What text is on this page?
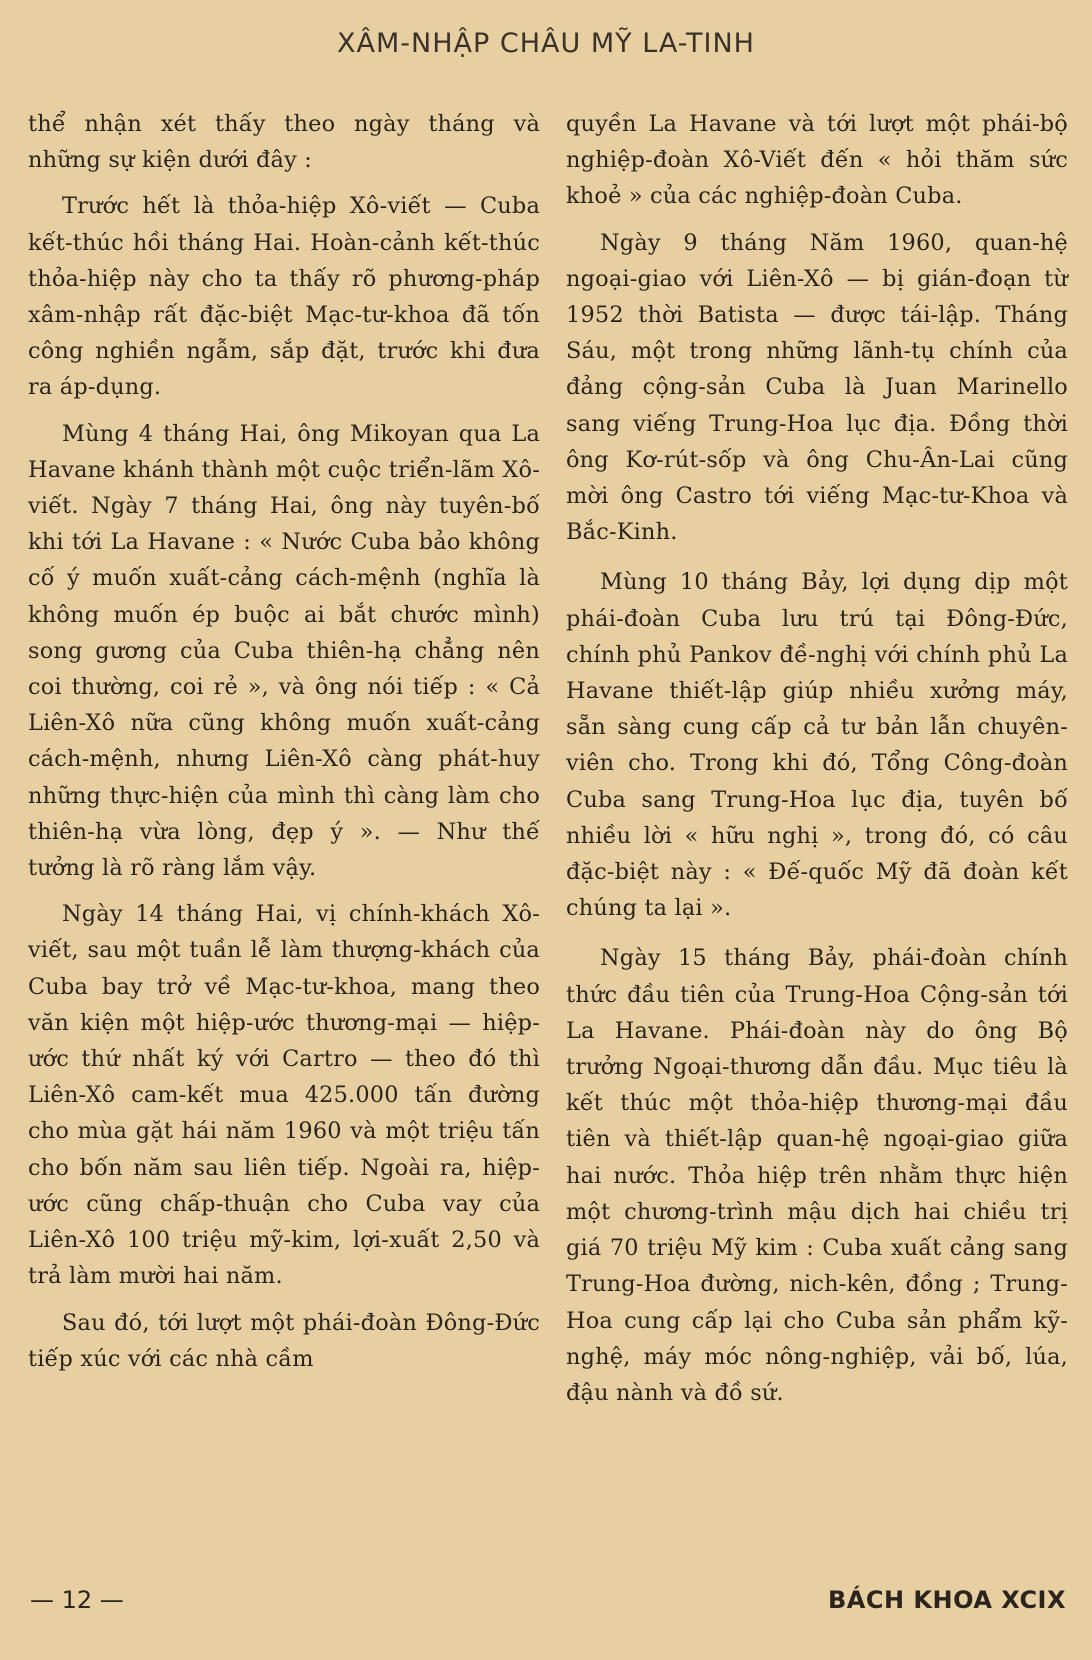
XÂM-NHẬP CHÂU MỸ LA-TINH

thể nhận xét thấy theo ngày tháng và những sự kiện dưới đây :

Trước hết là thỏa-hiệp Xô-viết — Cuba kết-thúc hồi tháng Hai. Hoàn-cảnh kết-thúc thỏa-hiệp này cho ta thấy rõ phương-pháp xâm-nhập rất đặc-biệt Mạc-tư-khoa đã tốn công nghiền ngẫm, sắp đặt, trước khi đưa ra áp-dụng.

Mùng 4 tháng Hai, ông Mikoyan qua La Havane khánh thành một cuộc triển-lãm Xô-viết. Ngày 7 tháng Hai, ông này tuyên-bố khi tới La Havane : « Nước Cuba bảo không cố ý muốn xuất-cảng cách-mệnh (nghĩa là không muốn ép buộc ai bắt chước mình) song gương của Cuba thiên-hạ chẳng nên coi thường, coi rẻ », và ông nói tiếp : « Cả Liên-Xô nữa cũng không muốn xuất-cảng cách-mệnh, nhưng Liên-Xô càng phát-huy những thực-hiện của mình thì càng làm cho thiên-hạ vừa lòng, đẹp ý ». — Như thế tưởng là rõ ràng lắm vậy.

Ngày 14 tháng Hai, vị chính-khách Xô-viết, sau một tuần lễ làm thượng-khách của Cuba bay trở về Mạc-tư-khoa, mang theo văn kiện một hiệp-ước thương-mại — hiệp-ước thứ nhất ký với Cartro — theo đó thì Liên-Xô cam-kết mua 425.000 tấn đường cho mùa gặt hái năm 1960 và một triệu tấn cho bốn năm sau liên tiếp. Ngoài ra, hiệp-ước cũng chấp-thuận cho Cuba vay của Liên-Xô 100 triệu mỹ-kim, lợi-xuất 2,50 và trả làm mười hai năm.

Sau đó, tới lượt một phái-đoàn Đông-Đức tiếp xúc với các nhà cầm

quyền La Havane và tới lượt một phái-bộ nghiệp-đoàn Xô-Viết đến « hỏi thăm sức khoẻ » của các nghiệp-đoàn Cuba.

Ngày 9 tháng Năm 1960, quan-hệ ngoại-giao với Liên-Xô — bị gián-đoạn từ 1952 thời Batista — được tái-lập. Tháng Sáu, một trong những lãnh-tụ chính của đảng cộng-sản Cuba là Juan Marinello sang viếng Trung-Hoa lục địa. Đồng thời ông Kơ-rút-sốp và ông Chu-Ân-Lai cũng mời ông Castro tới viếng Mạc-tư-Khoa và Bắc-Kinh.

Mùng 10 tháng Bảy, lợi dụng dịp một phái-đoàn Cuba lưu trú tại Đông-Đức, chính phủ Pankov đề-nghị với chính phủ La Havane thiết-lập giúp nhiều xưởng máy, sẵn sàng cung cấp cả tư bản lẫn chuyên-viên cho. Trong khi đó, Tổng Công-đoàn Cuba sang Trung-Hoa lục địa, tuyên bố nhiều lời « hữu nghị », trong đó, có câu đặc-biệt này : « Đế-quốc Mỹ đã đoàn kết chúng ta lại ».

Ngày 15 tháng Bảy, phái-đoàn chính thức đầu tiên của Trung-Hoa Cộng-sản tới La Havane. Phái-đoàn này do ông Bộ trưởng Ngoại-thương dẫn đầu. Mục tiêu là kết thúc một thỏa-hiệp thương-mại đầu tiên và thiết-lập quan-hệ ngoại-giao giữa hai nước. Thỏa hiệp trên nhằm thực hiện một chương-trình mậu dịch hai chiều trị giá 70 triệu Mỹ kim : Cuba xuất cảng sang Trung-Hoa đường, nich-kên, đồng ; Trung-Hoa cung cấp lại cho Cuba sản phẩm kỹ-nghệ, máy móc nông-nghiệp, vải bố, lúa, đậu nành và đồ sứ.

— 12 —	BÁCH KHOA XCIX
